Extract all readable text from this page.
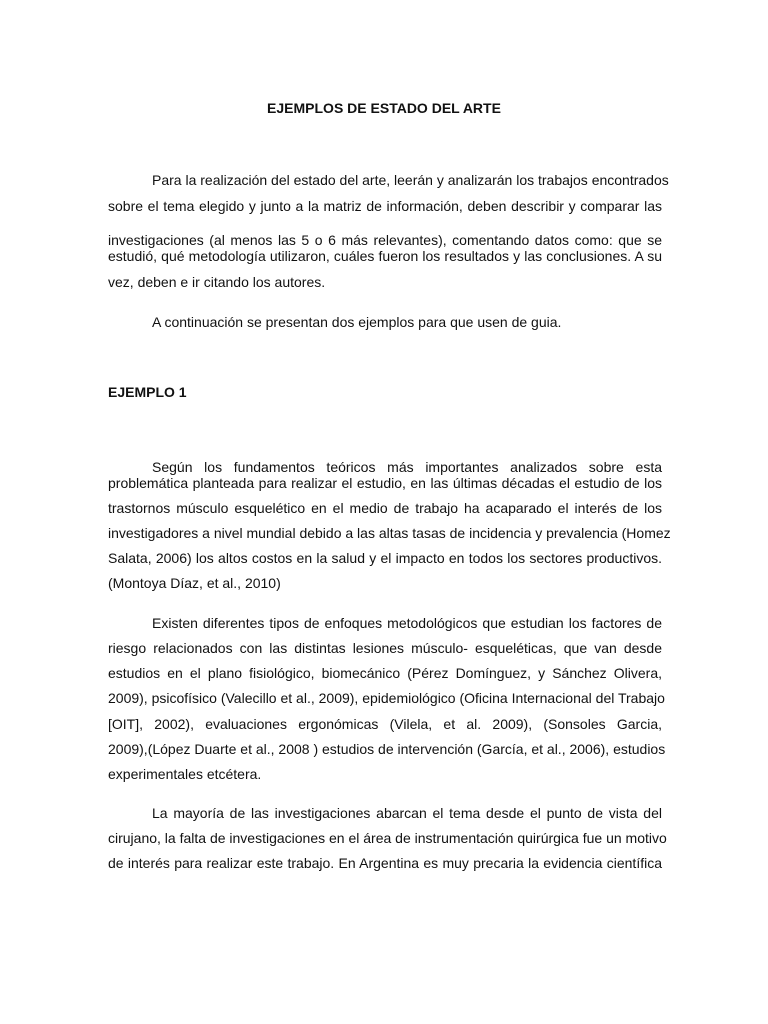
EJEMPLOS DE ESTADO DEL ARTE
Para la realización del estado del arte, leerán y analizarán los trabajos encontrados
sobre el tema elegido y junto a la matriz de información, deben describir y comparar las
investigaciones (al menos las 5 o 6 más relevantes), comentando datos como: que se
estudió, qué metodología utilizaron, cuáles fueron los resultados y las conclusiones. A su
vez, deben e ir citando los autores.
A continuación se presentan dos ejemplos para que usen de guia.
EJEMPLO 1
Según los fundamentos teóricos más importantes analizados sobre esta
problemática planteada para realizar el estudio, en las últimas décadas el estudio de los
trastornos músculo esquelético en el medio de trabajo ha acaparado el interés de los
investigadores a nivel mundial debido a las altas tasas de incidencia y prevalencia (Homez
Salata, 2006) los altos costos en la salud y el impacto en todos los sectores productivos.
(Montoya Díaz, et al., 2010)
Existen diferentes tipos de enfoques metodológicos que estudian los factores de
riesgo relacionados con las distintas lesiones músculo- esqueléticas, que van desde
estudios en el plano fisiológico, biomecánico (Pérez Domínguez, y Sánchez Olivera,
2009), psicofísico (Valecillo et al., 2009), epidemiológico (Oficina Internacional del Trabajo
[OIT], 2002), evaluaciones ergonómicas (Vilela, et al. 2009), (Sonsoles Garcia,
2009),(López Duarte et al., 2008 ) estudios de intervención (García, et al., 2006), estudios
experimentales etcétera.
La mayoría de las investigaciones abarcan el tema desde el punto de vista del
cirujano, la falta de investigaciones en el área de instrumentación quirúrgica fue un motivo
de interés para realizar este trabajo. En Argentina es muy precaria la evidencia científica
